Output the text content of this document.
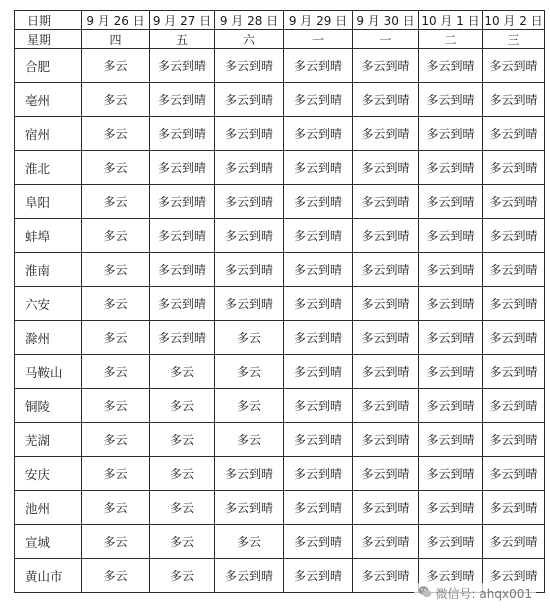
日期	9 月 26 日	9 月 27 日	9 月 28 日	9 月 29 日	9 月 30 日	10 月 1 日	10 月 2 日
星期	四	五	六	一	一	二	三
合肥	多云	多云到晴	多云到晴	多云到晴	多云到晴	多云到晴	多云到晴
亳州	多云	多云到晴	多云到晴	多云到晴	多云到晴	多云到晴	多云到晴
宿州	多云	多云到晴	多云到晴	多云到晴	多云到晴	多云到晴	多云到晴
淮北	多云	多云到晴	多云到晴	多云到晴	多云到晴	多云到晴	多云到晴
阜阳	多云	多云到晴	多云到晴	多云到晴	多云到晴	多云到晴	多云到晴
蚌埠	多云	多云到晴	多云到晴	多云到晴	多云到晴	多云到晴	多云到晴
淮南	多云	多云到晴	多云到晴	多云到晴	多云到晴	多云到晴	多云到晴
六安	多云	多云到晴	多云到晴	多云到晴	多云到晴	多云到晴	多云到晴
滁州	多云	多云到晴	多云	多云到晴	多云到晴	多云到晴	多云到晴
马鞍山	多云	多云	多云	多云到晴	多云到晴	多云到晴	多云到晴
铜陵	多云	多云	多云	多云到晴	多云到晴	多云到晴	多云到晴
芜湖	多云	多云	多云	多云到晴	多云到晴	多云到晴	多云到晴
安庆	多云	多云	多云到晴	多云到晴	多云到晴	多云到晴	多云到晴
池州	多云	多云	多云到晴	多云到晴	多云到晴	多云到晴	多云到晴
宣城	多云	多云	多云	多云到晴	多云到晴	多云到晴	多云到晴
黄山市	多云	多云	多云到晴	多云到晴	多云到晴	多云到晴	多云到晴
微信号: ahqx001
